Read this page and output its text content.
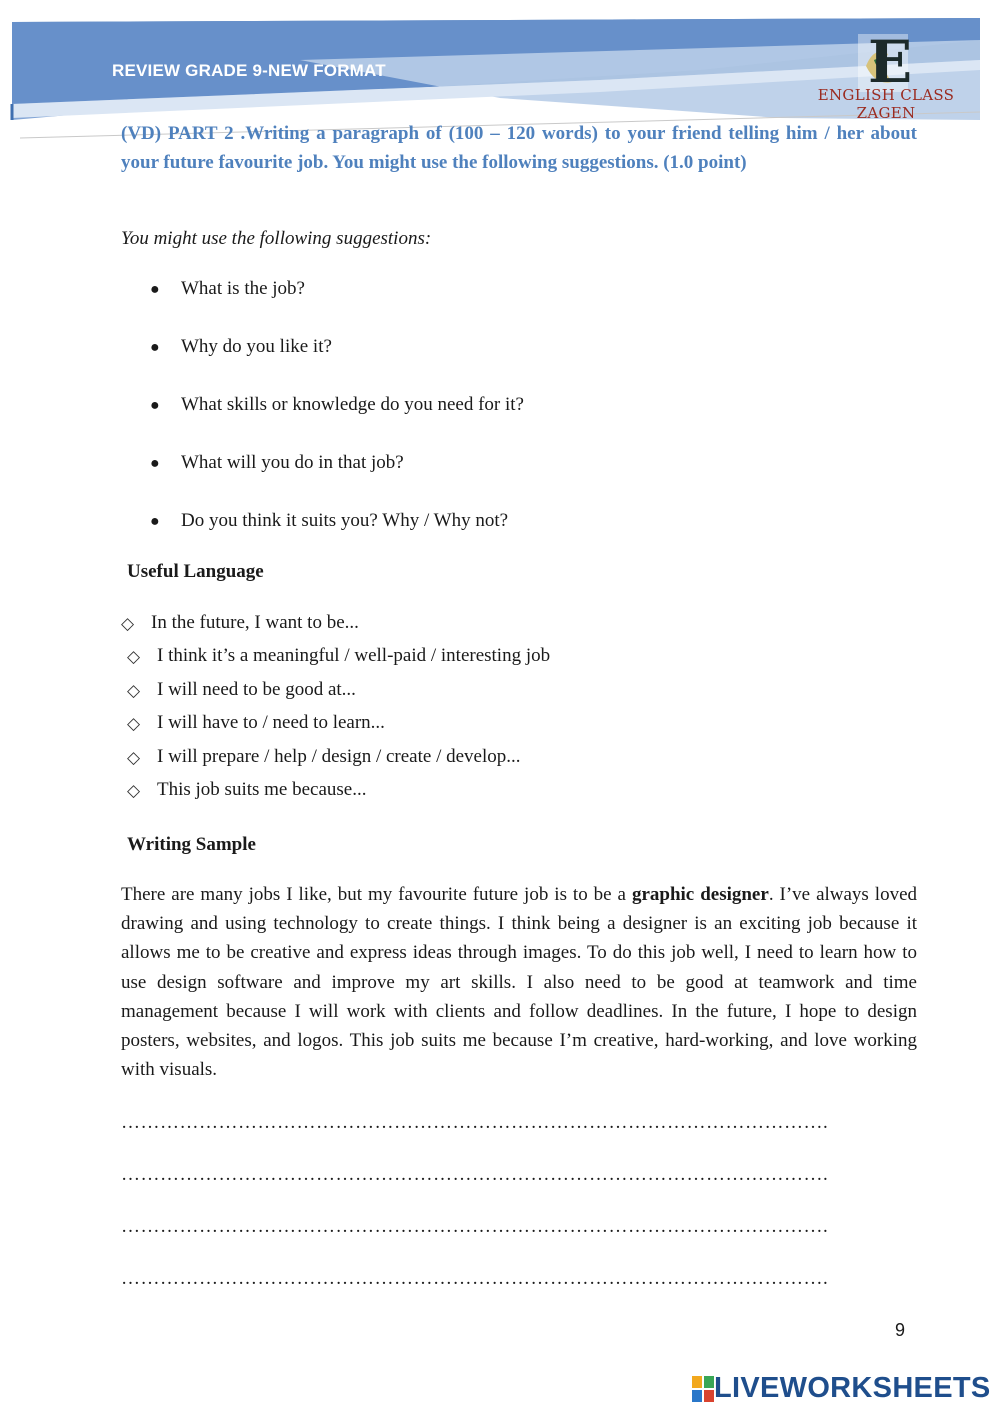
REVIEW GRADE 9-NEW FORMAT	E
ENGLISH CLASS ZAGEN
(VD) PART 2 .Writing a paragraph of (100 – 120 words) to your friend telling him / her about your future favourite job. You might use the following suggestions. (1.0 point)
You might use the following suggestions:
●	What is the job?
●	Why do you like it?
●	What skills or knowledge do you need for it?
●	What will you do in that job?
●	Do you think it suits you? Why / Why not?
Useful Language
◇ In the future, I want to be...
◇ I think it’s a meaningful / well-paid / interesting job
◇ I will need to be good at...
◇ I will have to / need to learn...
◇ I will prepare / help / design / create / develop...
◇ This job suits me because...
Writing Sample

There are many jobs I like, but my favourite future job is to be a graphic designer. I’ve always loved drawing and using technology to create things. I think being a designer is an exciting job because it allows me to be creative and express ideas through images. To do this job well, I need to learn how to use design software and improve my art skills. I also need to be good at teamwork and time management because I will work with clients and follow deadlines. In the future, I hope to design posters, websites, and logos. This job suits me because I’m creative, hard-working, and love working with visuals.

……………………………………………………………………………………………….
……………………………………………………………………………………………….
……………………………………………………………………………………………….
……………………………………………………………………………………………….
9
LIVEWORKSHEETS
